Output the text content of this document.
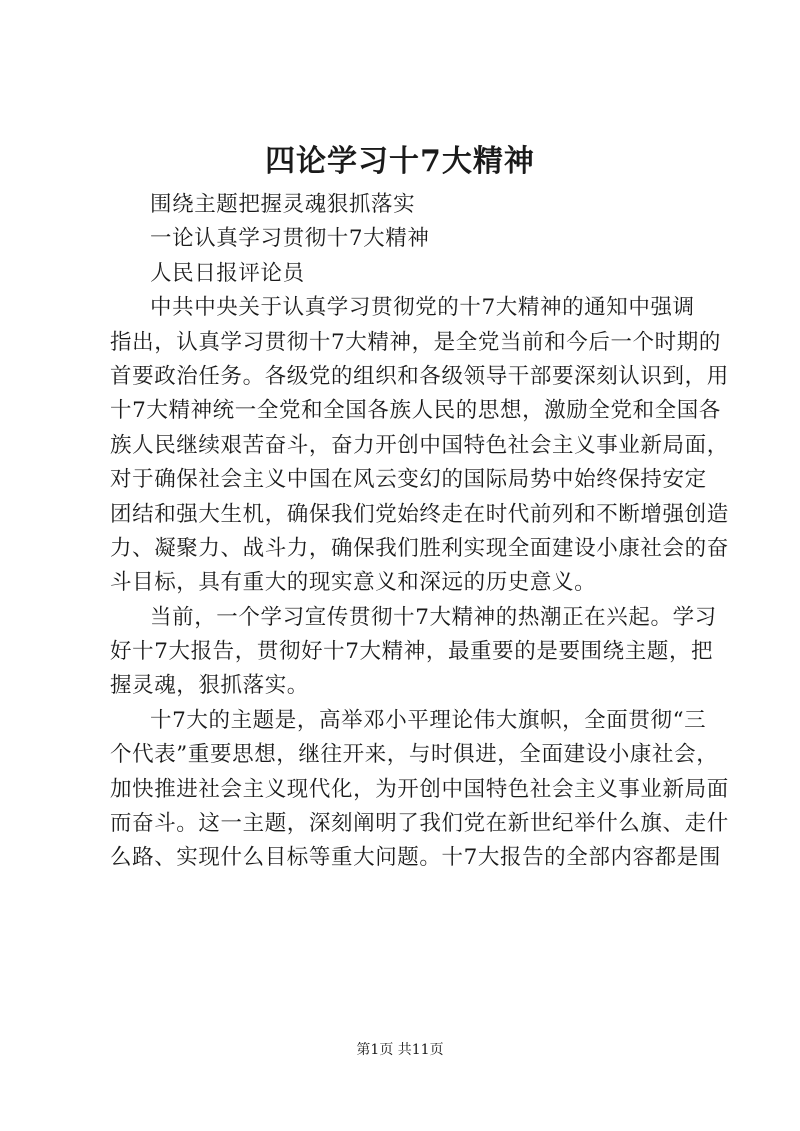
四论学习十7大精神
围绕主题把握灵魂狠抓落实
一论认真学习贯彻十7大精神
人民日报评论员
中共中央关于认真学习贯彻党的十7大精神的通知中强调
指出，认真学习贯彻十7大精神，是全党当前和今后一个时期的
首要政治任务。各级党的组织和各级领导干部要深刻认识到，用
十7大精神统一全党和全国各族人民的思想，激励全党和全国各
族人民继续艰苦奋斗，奋力开创中国特色社会主义事业新局面，
对于确保社会主义中国在风云变幻的国际局势中始终保持安定
团结和强大生机，确保我们党始终走在时代前列和不断增强创造
力、凝聚力、战斗力，确保我们胜利实现全面建设小康社会的奋
斗目标，具有重大的现实意义和深远的历史意义。
当前，一个学习宣传贯彻十7大精神的热潮正在兴起。学习
好十7大报告，贯彻好十7大精神，最重要的是要围绕主题，把
握灵魂，狠抓落实。
十7大的主题是，高举邓小平理论伟大旗帜，全面贯彻“三
个代表”重要思想，继往开来，与时俱进，全面建设小康社会，
加快推进社会主义现代化，为开创中国特色社会主义事业新局面
而奋斗。这一主题，深刻阐明了我们党在新世纪举什么旗、走什
么路、实现什么目标等重大问题。十7大报告的全部内容都是围
第1页 共11页
